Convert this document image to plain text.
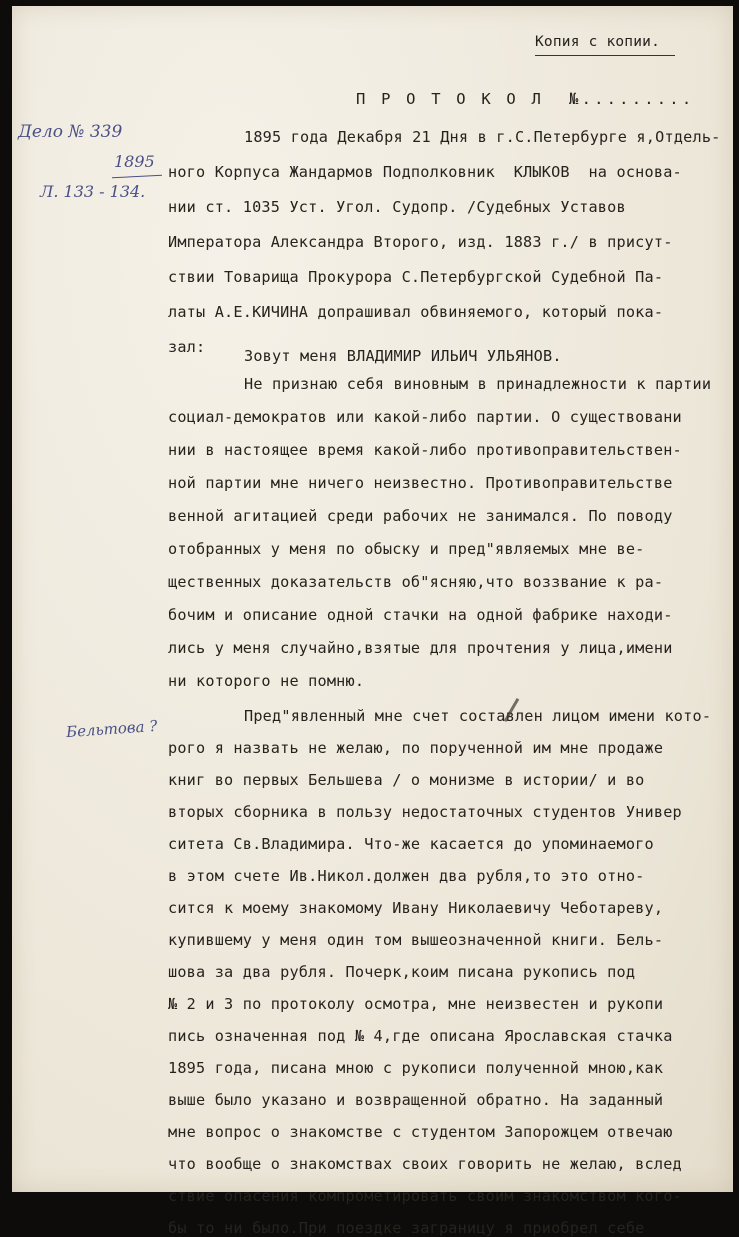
Копия с копии.
П Р О Т О К О Л  №.........
Дело № 339
1895
Л. 133 - 134.
Бельтова ?

1895 года Декабря 21 Дня в г.С.Петербурге я,Отдель-

ного Корпуса Жандармов Подполковник  КЛЫКОВ  на основа-

нии ст. 1035 Уст. Угол. Судопр. /Судебных Уставов

Императора Александра Второго, изд. 1883 г./ в присут-

ствии Товарища Прокурора С.Петербургской Судебной Па-

латы А.Е.КИЧИНА допрашивал обвиняемого, который пока-

зал:

	Зовут меня ВЛАДИМИР ИЛЬИЧ УЛЬЯНОВ.

Не признаю себя виновным в принадлежности к партии

социал-демократов или какой-либо партии. О существовани

нии в настоящее время какой-либо противоправительствен-

ной партии мне ничего неизвестно. Противоправительстве

венной агитацией среди рабочих не занимался. По поводу

отобранных у меня по обыску и пред"являемых мне ве-

щественных доказательств об"ясняю,что воззвание к ра-

бочим и описание одной стачки на одной фабрике находи-

лись у меня случайно,взятые для прочтения у лица,имени

ни которого не помню.

Пред"явленный мне счет составлен лицом имени кото-

рого я назвать не желаю, по порученной им мне продаже

книг во первых Бельшева / о монизме в истории/ и во

вторых сборника в пользу недостаточных студентов Универ

ситета Св.Владимира. Что-же касается до упоминаемого

в этом счете Ив.Никол.должен два рубля,то это отно-

сится к моему знакомому Ивану Николаевичу Чеботареву,

купившему у меня один том вышеозначенной книги. Бель-

шова за два рубля. Почерк,коим писана рукопись под

№ 2 и 3 по протоколу осмотра, мне неизвестен и рукопи

пись означенная под № 4,где описана Ярославская стачка

1895 года, писана мною с рукописи полученной мною,как

выше было указано и возвращенной обратно. На заданный

мне вопрос о знакомстве с студентом Запорожцем отвечаю

что вообще о знакомствах своих говорить не желаю, вслед

ствие опасения компрометировать своим знакомством кого-

бы то ни было.При поездке заграницу я приобрел себе
